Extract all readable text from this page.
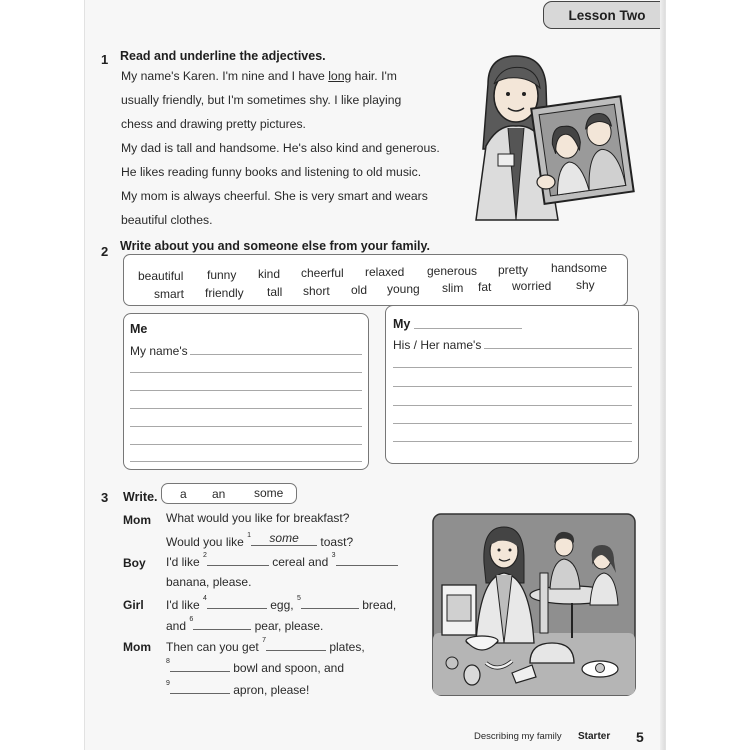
Lesson Two
1 Read and underline the adjectives.
My name's Karen. I'm nine and I have long hair. I'm
usually friendly, but I'm sometimes shy. I like playing
chess and drawing pretty pictures.
My dad is tall and handsome. He's also kind and generous.
He likes reading funny books and listening to old music.
My mom is always cheerful. She is very smart and wears
beautiful clothes.
2 Write about you and someone else from your family.
beautiful funny kind cheerful relaxed generous pretty handsome
smart friendly tall short old young slim fat worried shy
Me
My name's
My
His / Her name's
3 Write. a an some
Mom What would you like for breakfast?
Would you like $^1$	some	toast?
Boy I'd like $^2$	cereal and $^3$
banana, please.
Girl I'd like $^4$	egg, $^5$	bread,
and $^6$	pear, please.
Mom Then can you get $^7$	plates,
$^8$	bowl and spoon, and
$^9$	apron, please!
Describing my family Starter 5
